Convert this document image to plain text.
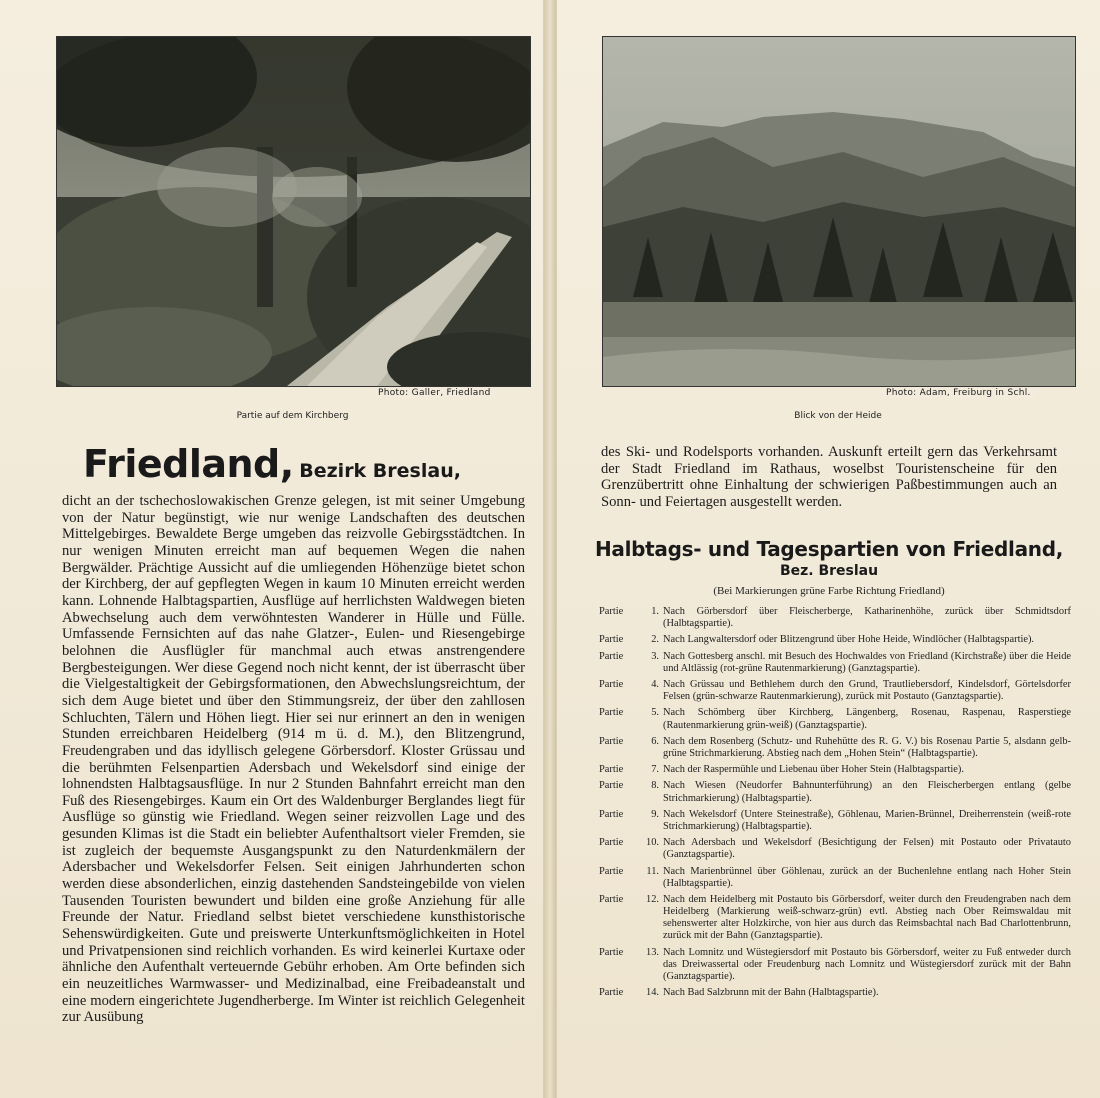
Photo: Galler, Friedland
Partie auf dem Kirchberg
Friedland, Bezirk Breslau,

dicht an der tschechoslowakischen Grenze gelegen, ist mit seiner Umgebung von der Natur begünstigt, wie nur wenige Landschaften des deutschen Mittelgebirges. Bewaldete Berge umgeben das reizvolle Gebirgsstädtchen. In nur wenigen Minuten erreicht man auf bequemen Wegen die nahen Bergwälder. Prächtige Aussicht auf die umliegenden Höhenzüge bietet schon der Kirchberg, der auf gepflegten Wegen in kaum 10 Minuten erreicht werden kann. Lohnende Halbtagspartien, Ausflüge auf herrlichsten Waldwegen bieten Abwechselung auch dem verwöhntesten Wanderer in Hülle und Fülle. Umfassende Fernsichten auf das nahe Glatzer-, Eulen- und Riesengebirge belohnen die Ausflügler für manchmal auch etwas anstrengendere Bergbesteigungen. Wer diese Gegend noch nicht kennt, der ist überrascht über die Vielgestaltigkeit der Gebirgsformationen, den Abwechslungsreichtum, der sich dem Auge bietet und über den Stimmungsreiz, der über den zahllosen Schluchten, Tälern und Höhen liegt. Hier sei nur erinnert an den in wenigen Stunden erreichbaren Heidelberg (914 m ü. d. M.), den Blitzengrund, Freudengraben und das idyllisch gelegene Görbersdorf. Kloster Grüssau und die berühmten Felsenpartien Adersbach und Wekelsdorf sind einige der lohnendsten Halbtagsausflüge. In nur 2 Stunden Bahnfahrt erreicht man den Fuß des Riesengebirges. Kaum ein Ort des Waldenburger Berglandes liegt für Ausflüge so günstig wie Friedland. Wegen seiner reizvollen Lage und des gesunden Klimas ist die Stadt ein beliebter Aufenthaltsort vieler Fremden, sie ist zugleich der bequemste Ausgangspunkt zu den Naturdenkmälern der Adersbacher und Wekelsdorfer Felsen. Seit einigen Jahrhunderten schon werden diese absonderlichen, einzig dastehenden Sandsteingebilde von vielen Tausenden Touristen bewundert und bilden eine große Anziehung für alle Freunde der Natur. Friedland selbst bietet verschiedene kunsthistorische Sehenswürdigkeiten. Gute und preiswerte Unterkunftsmöglichkeiten in Hotel und Privatpensionen sind reichlich vorhanden. Es wird keinerlei Kurtaxe oder ähnliche den Aufenthalt verteuernde Gebühr erhoben. Am Orte befinden sich ein neuzeitliches Warmwasser- und Medizinalbad, eine Freibadeanstalt und eine modern eingerichtete Jugendherberge. Im Winter ist reichlich Gelegenheit zur Ausübung

Photo: Adam, Freiburg in Schl.
Blick von der Heide

des Ski- und Rodelsports vorhanden. Auskunft erteilt gern das Verkehrsamt der Stadt Friedland im Rathaus, woselbst Touristenscheine für den Grenzübertritt ohne Einhaltung der schwierigen Paßbestimmungen auch an Sonn- und Feiertagen ausgestellt werden.

Halbtags- und Tagespartien von Friedland,
Bez. Breslau
(Bei Markierungen grüne Farbe Richtung Friedland)
Partie	1. Nach Görbersdorf über Fleischerberge, Katharinenhöhe, zurück über Schmidtsdorf (Halbtagspartie).
Partie	2. Nach Langwaltersdorf oder Blitzengrund über Hohe Heide, Windlöcher (Halbtagspartie).
Partie	3. Nach Gottesberg anschl. mit Besuch des Hochwaldes von Friedland (Kirchstraße) über die Heide und Altlässig (rot-grüne Rautenmarkierung) (Ganztagspartie).
Partie	4. Nach Grüssau und Bethlehem durch den Grund, Trautliebersdorf, Kindelsdorf, Görtelsdorfer Felsen (grün-schwarze Rautenmarkierung), zurück mit Postauto (Ganztagspartie).
Partie	5. Nach Schömberg über Kirchberg, Längenberg, Rosenau, Raspenau, Rasperstiege (Rautenmarkierung grün-weiß) (Ganztagspartie).
Partie	6. Nach dem Rosenberg (Schutz- und Ruhehütte des R. G. V.) bis Rosenau Partie 5, alsdann gelb-grüne Strichmarkierung. Abstieg nach dem „Hohen Stein“ (Halbtagspartie).
Partie	7. Nach der Raspermühle und Liebenau über Hoher Stein (Halbtagspartie).
Partie	8. Nach Wiesen (Neudorfer Bahnunterführung) an den Fleischerbergen entlang (gelbe Strichmarkierung) (Halbtagspartie).
Partie	9. Nach Wekelsdorf (Untere Steinestraße), Göhlenau, Marien-Brünnel, Dreiherrenstein (weiß-rote Strichmarkierung) (Halbtagspartie).
Partie	10. Nach Adersbach und Wekelsdorf (Besichtigung der Felsen) mit Postauto oder Privatauto (Ganztagspartie).
Partie	11. Nach Marienbrünnel über Göhlenau, zurück an der Buchenlehne entlang nach Hoher Stein (Halbtagspartie).
Partie	12. Nach dem Heidelberg mit Postauto bis Görbersdorf, weiter durch den Freudengraben nach dem Heidelberg (Markierung weiß-schwarz-grün) evtl. Abstieg nach Ober Reimswaldau mit sehenswerter alter Holzkirche, von hier aus durch das Reimsbachtal nach Bad Charlottenbrunn, zurück mit der Bahn (Ganztagspartie).
Partie	13. Nach Lomnitz und Wüstegiersdorf mit Postauto bis Görbersdorf, weiter zu Fuß entweder durch das Dreiwassertal oder Freudenburg nach Lomnitz und Wüstegiersdorf zurück mit der Bahn (Ganztagspartie).
Partie	14. Nach Bad Salzbrunn mit der Bahn (Halbtagspartie).
